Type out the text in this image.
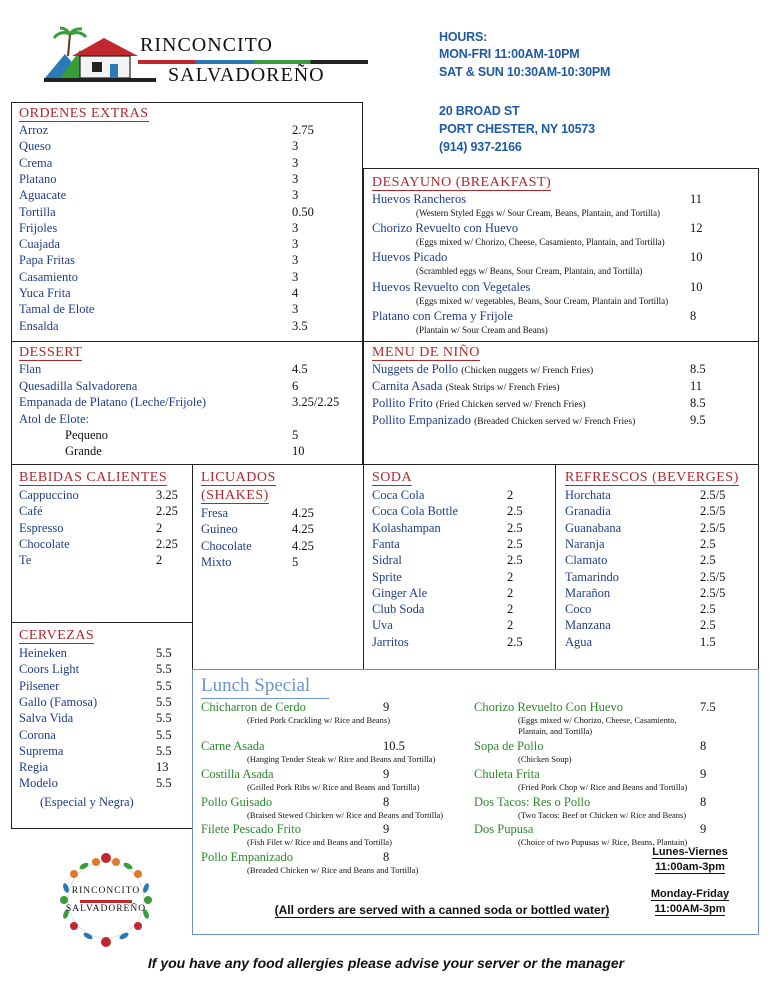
RINCONCITO
SALVADOREÑO
HOURS:
MON-FRI 11:00AM-10PM
SAT & SUN 10:30AM-10:30PM
20 BROAD ST
PORT CHESTER, NY 10573
(914) 937-2166
ORDENES EXTRAS
Arroz	2.75
Queso	3
Crema	3
Platano	3
Aguacate	3
Tortilla	0.50
Frijoles	3
Cuajada	3
Papa Fritas	3
Casamiento	3
Yuca Frita	4
Tamal de Elote	3
Ensalda	3.5
DESAYUNO (BREAKFAST)
Huevos Rancheros	11
(Western Styled Eggs w/ Sour Cream, Beans, Plantain, and Tortilla)
Chorizo Revuelto con Huevo	12
(Eggs mixed w/ Chorizo, Cheese, Casamiento, Plantain, and Tortilla)
Huevos Picado	10
(Scrambled eggs w/ Beans, Sour Cream, Plantain, and Tortilla)
Huevos Revuelto con Vegetales	10
(Eggs mixed w/ vegetables, Beans, Sour Cream, Plantain and Tortilla)
Platano con Crema y Frijole	8
(Plantain w/ Sour Cream and Beans)
DESSERT
Flan	4.5
Quesadilla Salvadorena	6
Empanada de Platano (Leche/Frijole)	3.25/2.25
Atol de Elote:
Pequeno	5
Grande	10
MENU DE NIÑO
Nuggets de Pollo (Chicken nuggets w/ French Fries)	8.5
Carnita Asada (Steak Strips w/ French Fries)	11
Pollito Frito (Fried Chicken served w/ French Fries)	8.5
Pollito Empanizado (Breaded Chicken served w/ French Fries)	9.5
BEBIDAS CALIENTES
Cappuccino	3.25
Café	2.25
Espresso	2
Chocolate	2.25
Te	2
LICUADOS
(SHAKES)
Fresa	4.25
Guineo	4.25
Chocolate	4.25
Mixto	5
SODA
Coca Cola	2
Coca Cola Bottle	2.5
Kolashampan	2.5
Fanta	2.5
Sidral	2.5
Sprite	2
Ginger Ale	2
Club Soda	2
Uva	2
Jarritos	2.5
REFRESCOS (BEVERGES)
Horchata	2.5/5
Granadia	2.5/5
Guanabana	2.5/5
Naranja	2.5
Clamato	2.5
Tamarindo	2.5/5
Marañon	2.5/5
Coco	2.5
Manzana	2.5
Agua	1.5
CERVEZAS
Heineken	5.5
Coors Light	5.5
Pilsener	5.5
Gallo (Famosa)	5.5
Salva Vida	5.5
Corona	5.5
Suprema	5.5
Regia	13
Modelo	5.5
(Especial y Negra)
Lunch Special
Chicharron de Cerdo	9
(Fried Pork Crackling w/ Rice and Beans)
Carne Asada	10.5
(Hanging Tender Steak w/ Rice and Beans and Tortilla)
Costilla Asada	9
(Grilled Pork Ribs w/ Rice and Beans and Tortilla)
Pollo Guisado	8
(Braised Stewed Chicken w/ Rice and Beans and Tortilla)
Filete Pescado Frito	9
(Fish Filet w/ Rice and Beans and Tortilla)
Pollo Empanizado	8
(Breaded Chicken w/ Rice and Beans and Tortilla)
Chorizo Revuelto Con Huevo	7.5
(Eggs mixed w/ Chorizo, Cheese, Casamiento,
Plantain, and Tortilla)
Sopa de Pollo	8
(Chicken Soup)
Chuleta Frita	9
(Fried Pork Chop w/ Rice and Beans and Tortilla)
Dos Tacos: Res o Pollo	8
(Two Tacos: Beef or Chicken w/ Rice and Beans)
Dos Pupusa	9
(Choice of two Pupusas w/ Rice, Beans, Plantain)
Lunes-Viernes
11:00am-3pm
Monday-Friday
11:00AM-3pm
(All orders are served with a canned soda or bottled water)
RINCONCITO
SALVADOREÑO
If you have any food allergies please advise your server or the manager
